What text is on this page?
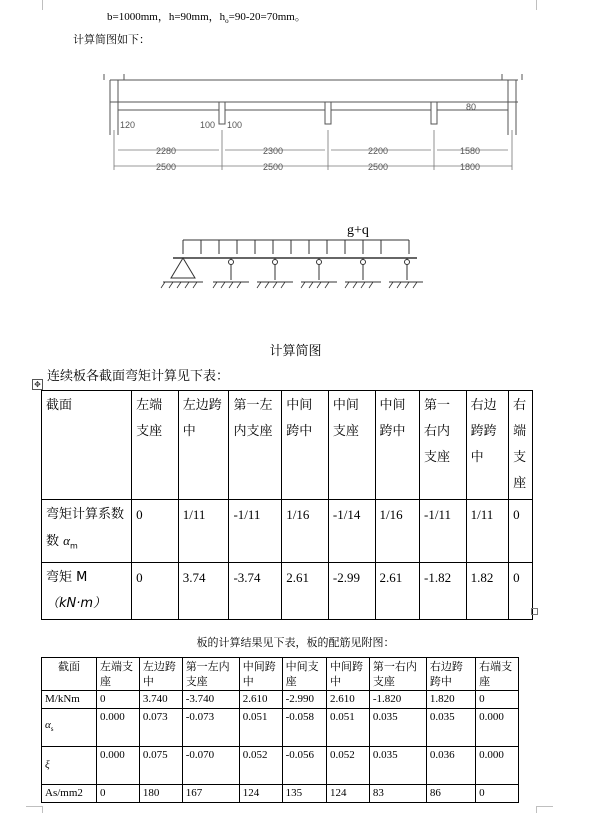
b=1000mm，h=90mm，$h_o=90-20=70mm$。
计算简图如下：
120	100 100
80
2280	2300	2200	1580
2500	2500	2500	1800
g+q
计算简图
连续板各截面弯矩计算见下表：
✥
截面	左端支座	左边跨中	第一左内支座	中间跨中	中间支座	中间跨中	第一右内支座	右边跨跨中	右端支座
弯矩计算系数
数 $\alpha_m$	0	1/11	-1/11	1/16	-1/14	1/16	-1/11	1/11	0
弯矩 M
（kN·m）	0	3.74	-3.74	2.61	-2.99	2.61	-1.82	1.82	0
板的计算结果见下表，板的配筋见附图：
截面	左端支座	左边跨中	第一左内支座	中间跨中	中间支座	中间跨中	第一右内支座	右边跨跨中	右端支座
M/kNm	0	3.740	-3.740	2.610	-2.990	2.610	-1.820	1.820	0
$\alpha_s$	0.000	0.073	-0.073	0.051	-0.058	0.051	0.035	0.035	0.000
ξ	0.000	0.075	-0.070	0.052	-0.056	0.052	0.035	0.036	0.000
As/mm2	0	180	167	124	135	124	83	86	0
